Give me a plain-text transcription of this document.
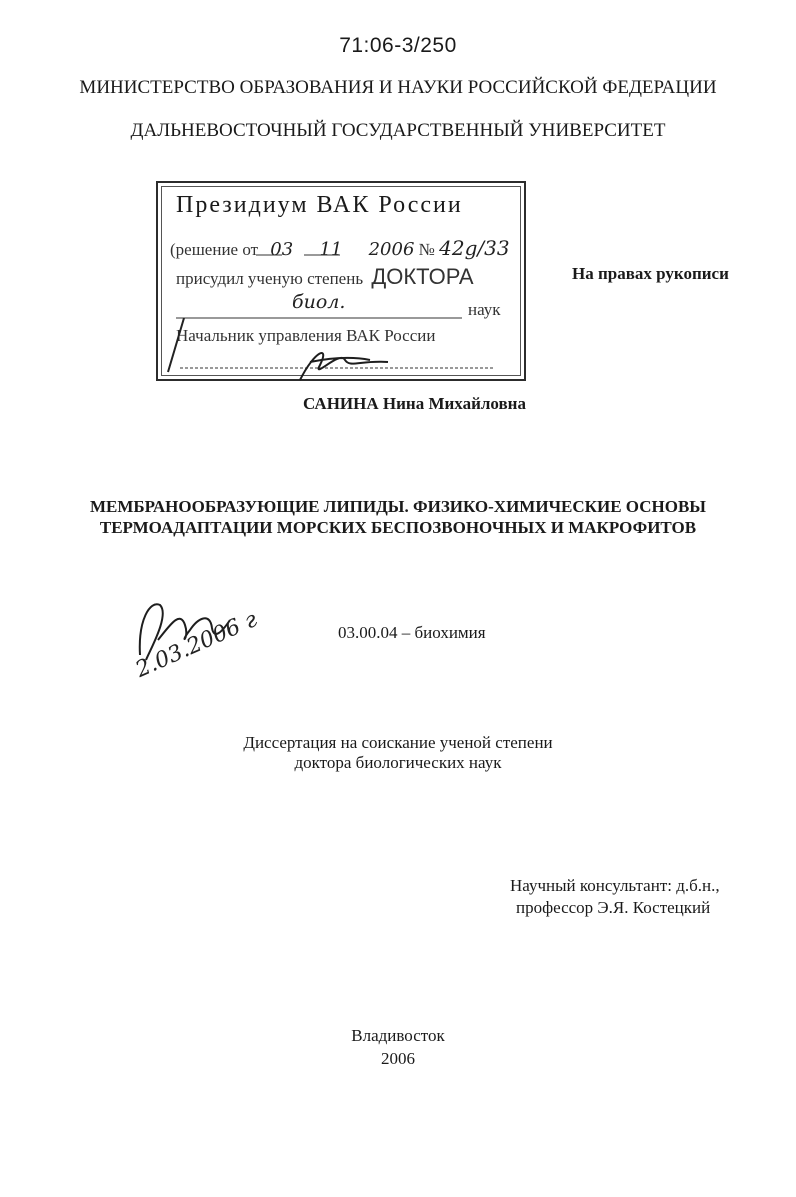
71:06-3/250
МИНИСТЕРСТВО ОБРАЗОВАНИЯ И НАУКИ РОССИЙСКОЙ ФЕДЕРАЦИИ
ДАЛЬНЕВОСТОЧНЫЙ ГОСУДАРСТВЕННЫЙ УНИВЕРСИТЕТ
Президиум ВАК России
(решение от 03 11 2006 № 42g/33
присудил ученую степень ДОКТОРА
биол.	наук
Начальник управления ВАК России
2.03.2006 г
На правах рукописи
САНИНА Нина Михайловна
МЕМБРАНООБРАЗУЮЩИЕ ЛИПИДЫ. ФИЗИКО-ХИМИЧЕСКИЕ ОСНОВЫ
ТЕРМОАДАПТАЦИИ МОРСКИХ БЕСПОЗВОНОЧНЫХ И МАКРОФИТОВ
03.00.04 – биохимия
Диссертация на соискание ученой степени
доктора биологических наук
Научный консультант: д.б.н.,
профессор Э.Я. Костецкий
Владивосток
2006
